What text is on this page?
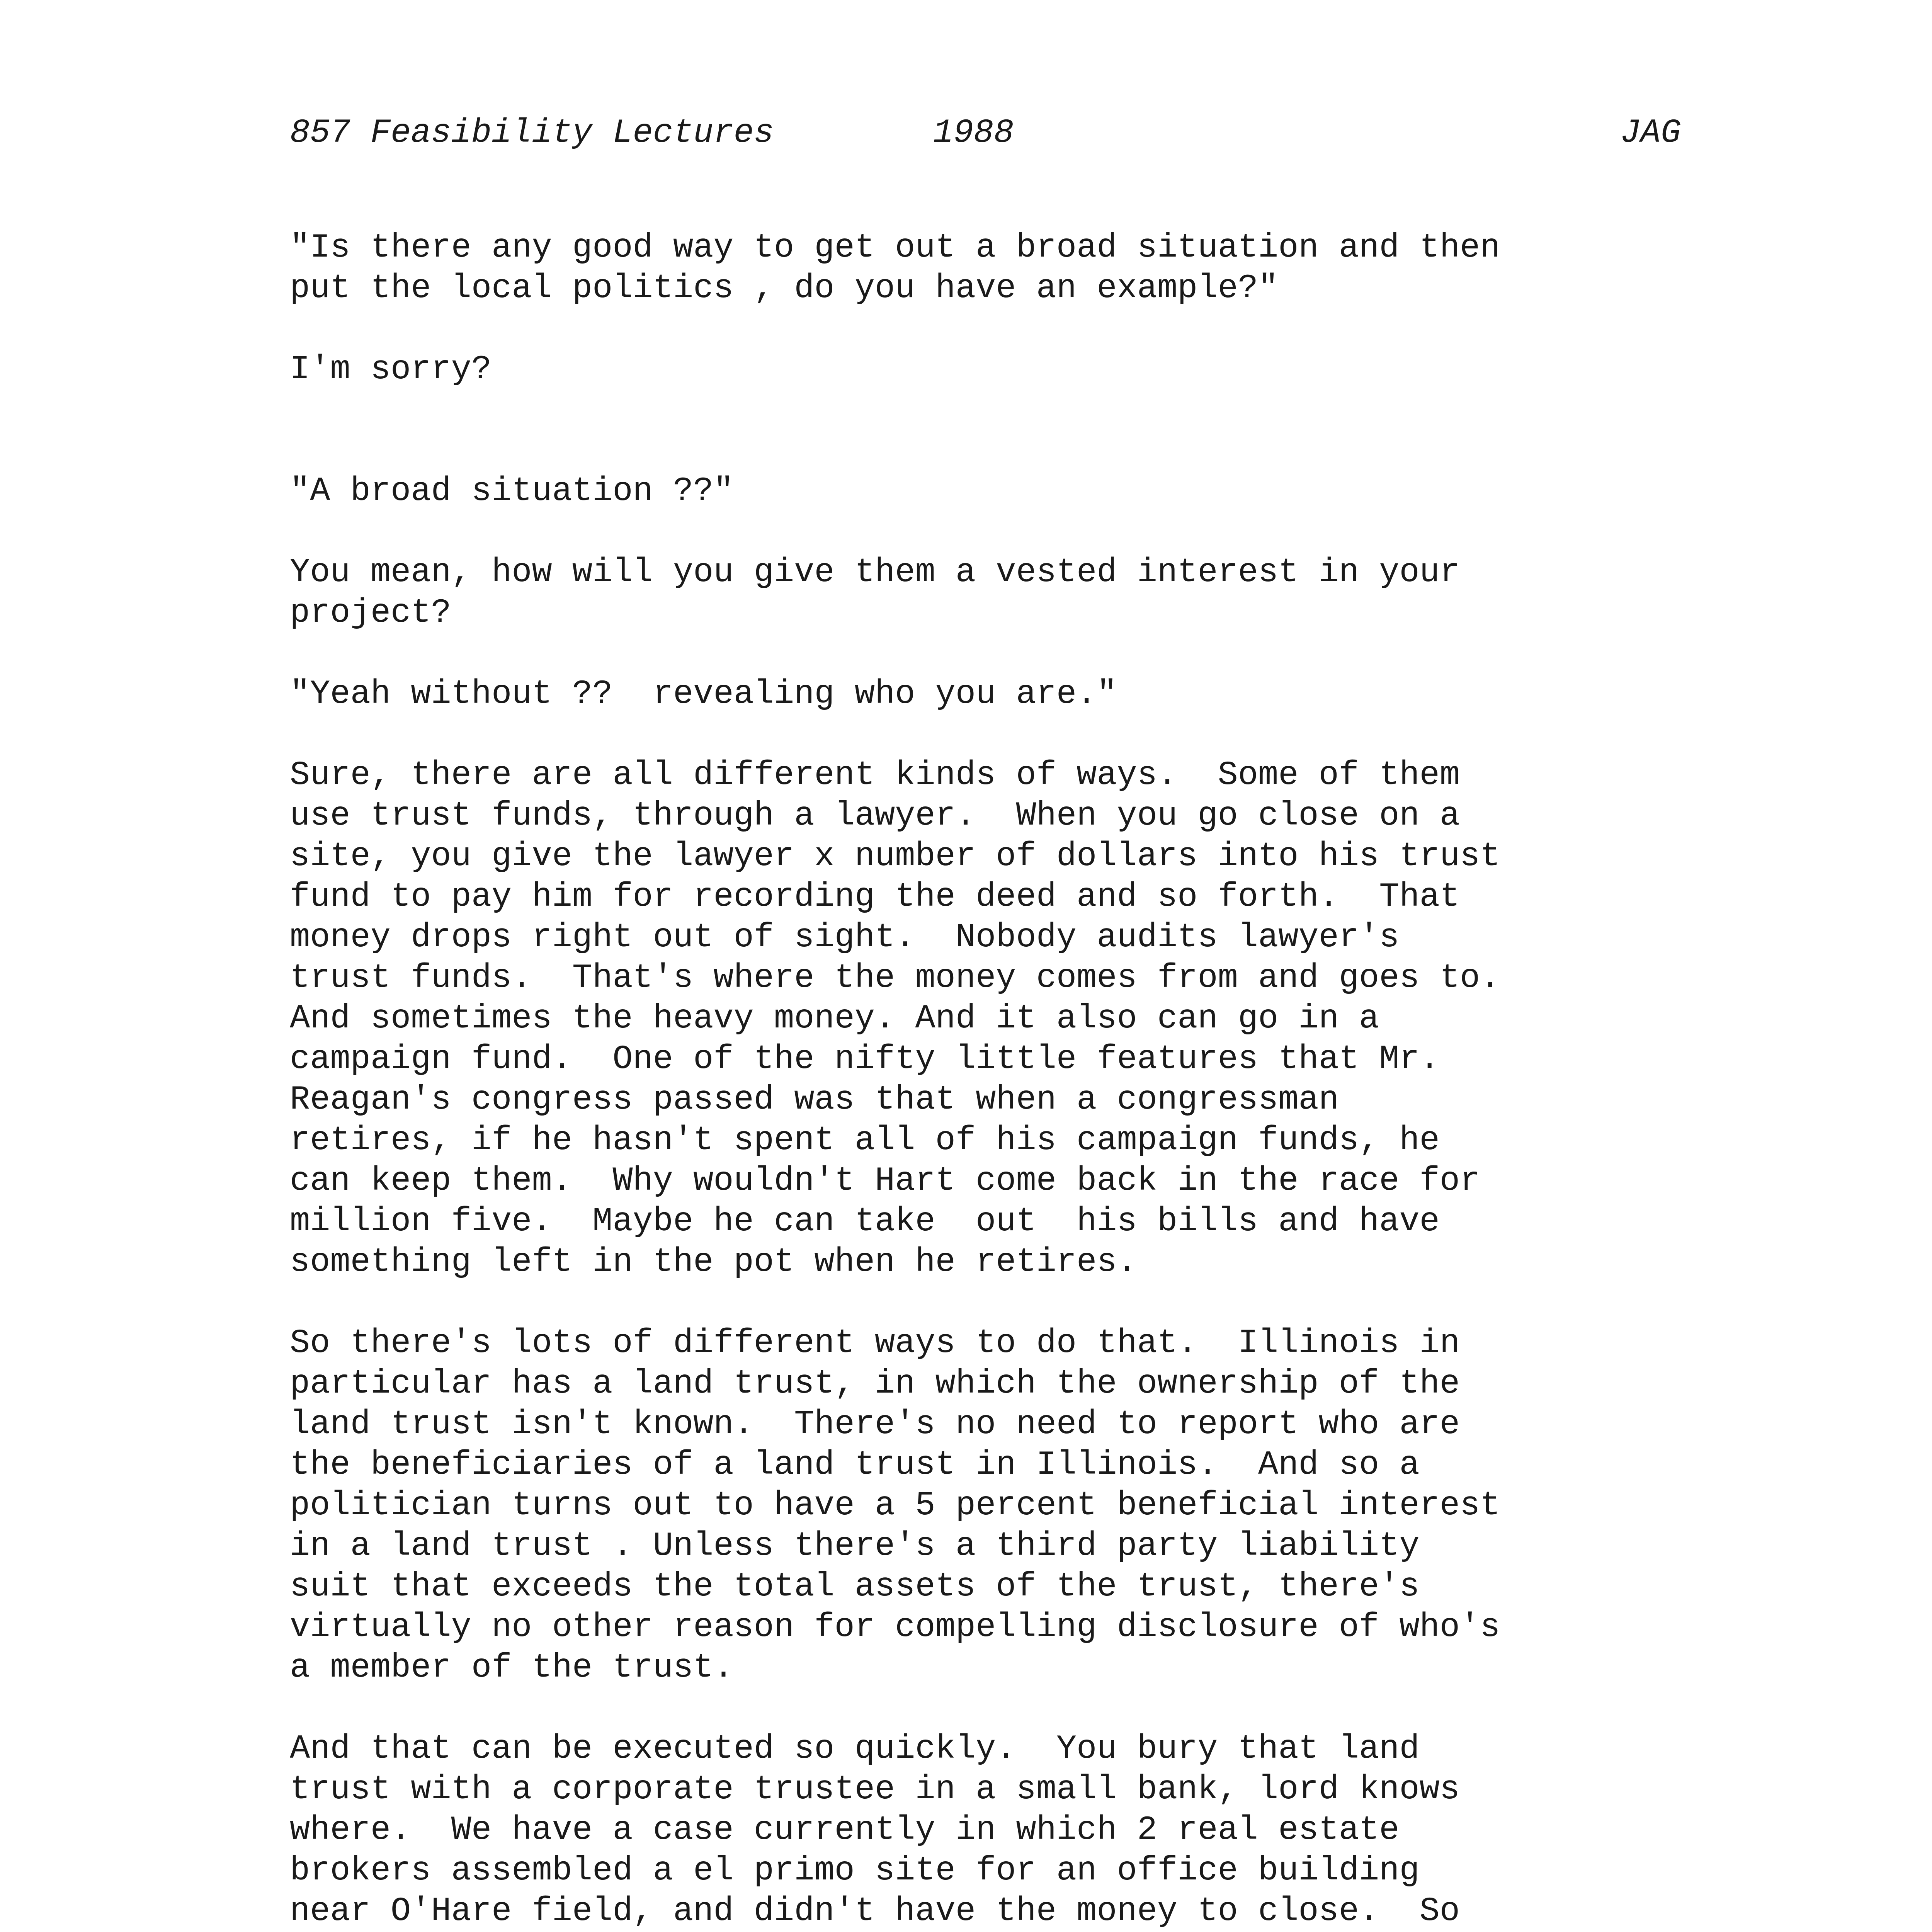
857 Feasibility Lectures

	1988

	JAG

"Is there any good way to get out a broad situation and then
put the local politics , do you have an example?"

I'm sorry?

"A broad situation ??"

You mean, how will you give them a vested interest in your
project?

"Yeah without ??  revealing who you are."

Sure, there are all different kinds of ways.  Some of them
use trust funds, through a lawyer.  When you go close on a
site, you give the lawyer x number of dollars into his trust
fund to pay him for recording the deed and so forth.  That
money drops right out of sight.  Nobody audits lawyer's
trust funds.  That's where the money comes from and goes to.
And sometimes the heavy money. And it also can go in a
campaign fund.  One of the nifty little features that Mr.
Reagan's congress passed was that when a congressman
retires, if he hasn't spent all of his campaign funds, he
can keep them.  Why wouldn't Hart come back in the race for
million five.  Maybe he can take  out  his bills and have
something left in the pot when he retires.

So there's lots of different ways to do that.  Illinois in
particular has a land trust, in which the ownership of the
land trust isn't known.  There's no need to report who are
the beneficiaries of a land trust in Illinois.  And so a
politician turns out to have a 5 percent beneficial interest
in a land trust . Unless there's a third party liability
suit that exceeds the total assets of the trust, there's
virtually no other reason for compelling disclosure of who's
a member of the trust.

And that can be executed so quickly.  You bury that land
trust with a corporate trustee in a small bank, lord knows
where.  We have a case currently in which 2 real estate
brokers assembled a el primo site for an office building
near O'Hare field, and didn't have the money to close.  So
